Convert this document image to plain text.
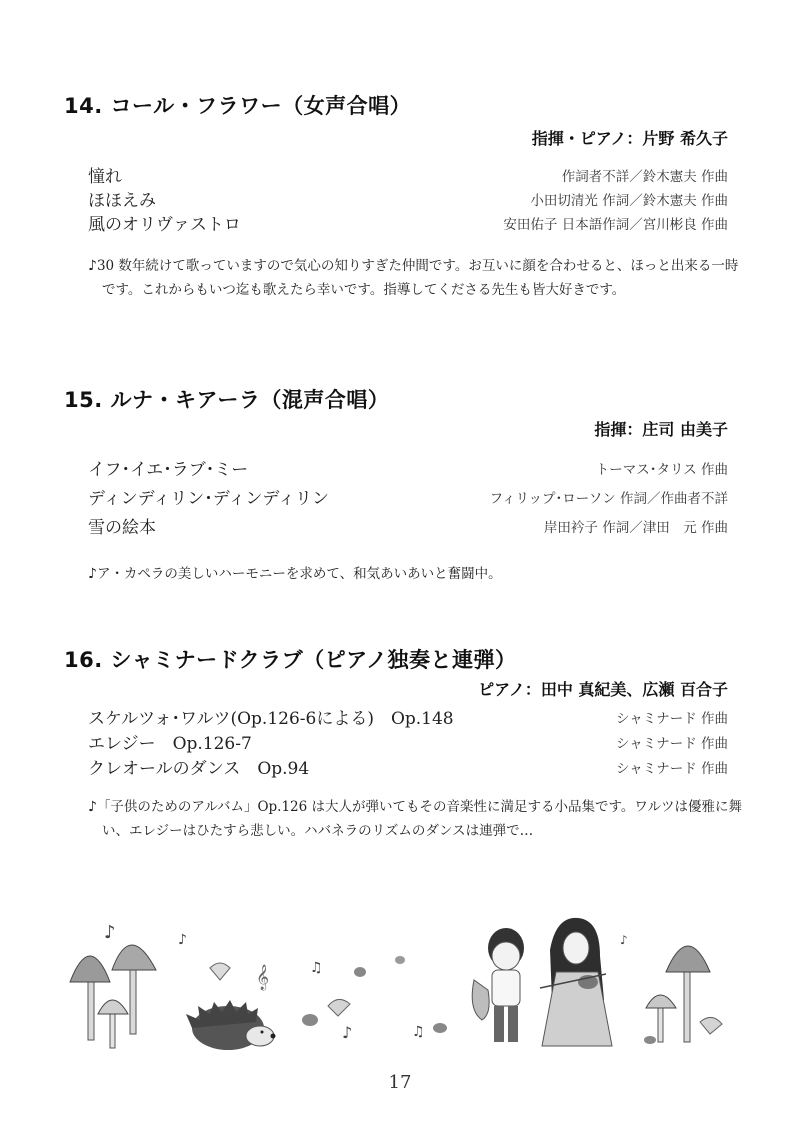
14. コール・フラワー（女声合唱）
指揮・ピアノ：片野 希久子
憧れ	作詞者不詳／鈴木憲夫 作曲
ほほえみ	小田切清光 作詞／鈴木憲夫 作曲
風のオリヴァストロ	安田佑子 日本語作詞／宮川彬良 作曲
♪30 数年続けて歌っていますので気心の知りすぎた仲間です。お互いに顔を合わせると、ほっと出来る一時です。これからもいつ迄も歌えたら幸いです。指導してくださる先生も皆大好きです。
15. ルナ・キアーラ（混声合唱）
指揮：庄司 由美子
イフ･イエ･ラブ･ミー	トーマス･タリス 作曲
ディンディリン･ディンディリン	フィリップ･ローソン 作詞／作曲者不詳
雪の絵本	岸田衿子 作詞／津田　元 作曲
♪ア・カペラの美しいハーモニーを求めて、和気あいあいと奮闘中。
16. シャミナードクラブ（ピアノ独奏と連弾）
ピアノ：田中 真紀美、広瀬 百合子
スケルツォ･ワルツ(Op.126-6による)　Op.148	シャミナード 作曲
エレジー　Op.126-7	シャミナード 作曲
クレオールのダンス　Op.94	シャミナード 作曲
♪「子供のためのアルバム」Op.126 は大人が弾いてもその音楽性に満足する小品集です。ワルツは優雅に舞い、エレジーはひたすら悲しい。ハバネラのリズムのダンスは連弾で…
♪	♪
𝄞	♫
♪	♫
♪
17
